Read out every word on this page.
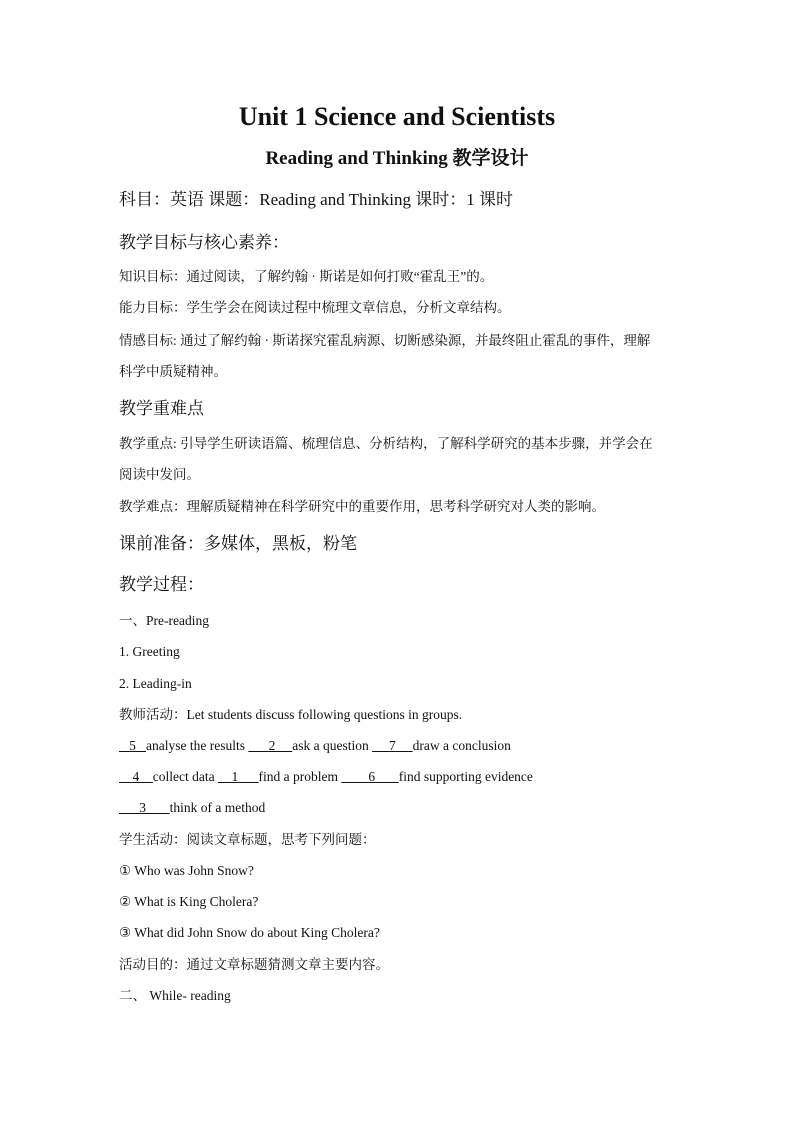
Unit 1 Science and Scientists
Reading and Thinking 教学设计
科目：英语 课题：Reading and Thinking 课时：1 课时
教学目标与核心素养：
知识目标：通过阅读，了解约翰 · 斯诺是如何打败“霍乱王”的。
能力目标：学生学会在阅读过程中梳理文章信息，分析文章结构。
情感目标: 通过了解约翰 · 斯诺探究霍乱病源、切断感染源，并最终阻止霍乱的事件，理解
科学中质疑精神。
教学重难点
教学重点: 引导学生研读语篇、梳理信息、分析结构，了解科学研究的基本步骤，并学会在
阅读中发问。
教学难点：理解质疑精神在科学研究中的重要作用，思考科学研究对人类的影响。
课前准备：多媒体，黑板，粉笔
教学过程：
一、Pre-reading
1. Greeting
2. Leading-in
教师活动：Let students discuss following questions in groups.
5 analyse the results 2 ask a question 7 draw a conclusion
4 collect data 1 find a problem 6 find supporting evidence
3 think of a method
学生活动：阅读文章标题，思考下列问题：
① Who was John Snow?
② What is King Cholera?
③ What did John Snow do about King Cholera?
活动目的：通过文章标题猜测文章主要内容。
二、 While- reading
